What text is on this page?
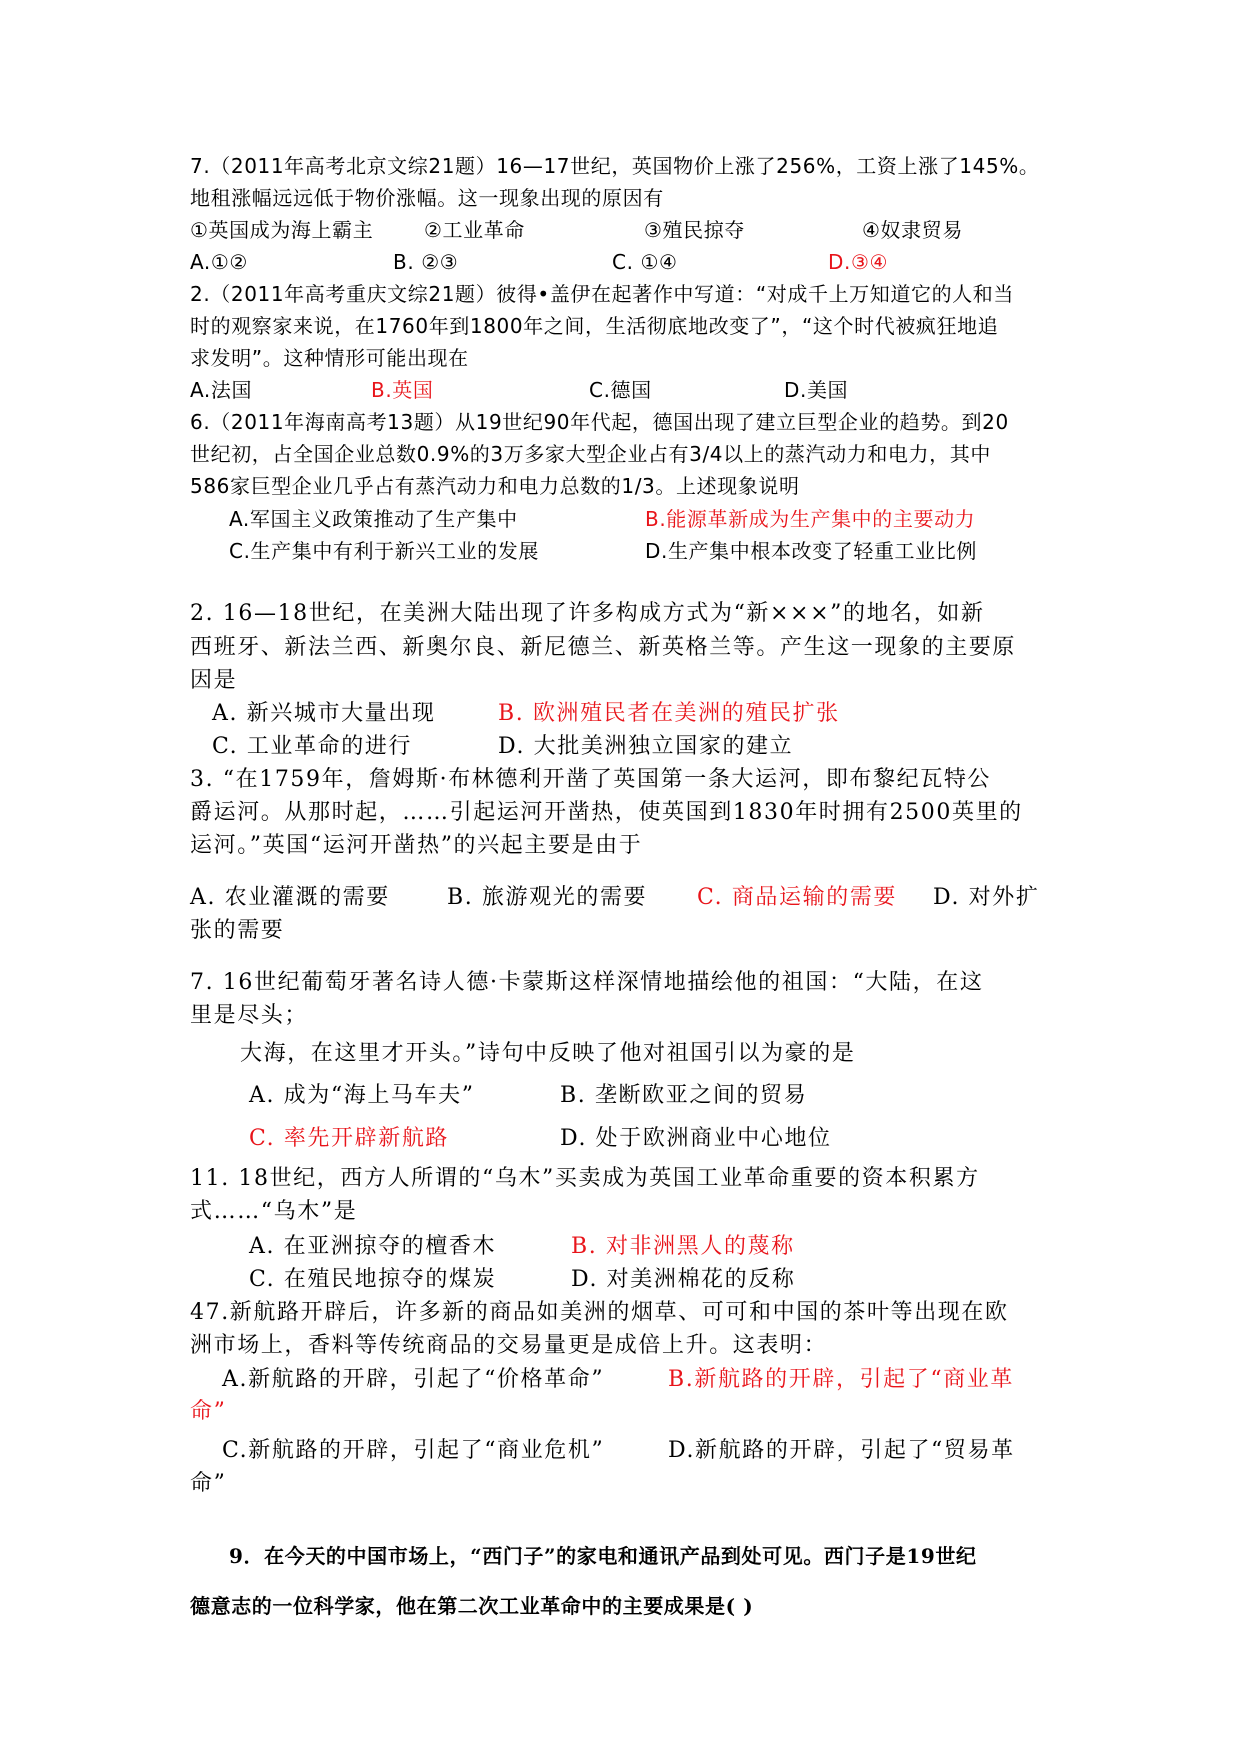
7.（2011年高考北京文综21题）16—17世纪，英国物价上涨了256%，工资上涨了145%。
地租涨幅远远低于物价涨幅。这一现象出现的原因有
①英国成为海上霸主	②工业革命	③殖民掠夺	④奴隶贸易
A.①②	B. ②③	C. ①④	D.③④
2.（2011年高考重庆文综21题）彼得•盖伊在起著作中写道：“对成千上万知道它的人和当
时的观察家来说，在1760年到1800年之间，生活彻底地改变了”，“这个时代被疯狂地追
求发明”。这种情形可能出现在
A.法国	B.英国	C.德国	D.美国
6.（2011年海南高考13题）从19世纪90年代起，德国出现了建立巨型企业的趋势。到20
世纪初，占全国企业总数0.9%的3万多家大型企业占有3/4以上的蒸汽动力和电力，其中
586家巨型企业几乎占有蒸汽动力和电力总数的1/3。上述现象说明
A.军国主义政策推动了生产集中	B.能源革新成为生产集中的主要动力
C.生产集中有利于新兴工业的发展	D.生产集中根本改变了轻重工业比例
2. 16—18世纪，在美洲大陆出现了许多构成方式为“新×××”的地名，如新
西班牙、新法兰西、新奥尔良、新尼德兰、新英格兰等。产生这一现象的主要原
因是
A. 新兴城市大量出现	B. 欧洲殖民者在美洲的殖民扩张
C. 工业革命的进行	D. 大批美洲独立国家的建立
3. “在1759年，詹姆斯·布林德利开凿了英国第一条大运河，即布黎纪瓦特公
爵运河。从那时起，……引起运河开凿热，使英国到1830年时拥有2500英里的
运河。”英国“运河开凿热”的兴起主要是由于
A. 农业灌溉的需要	B. 旅游观光的需要 C. 商品运输的需要 D. 对外扩
张的需要
7. 16世纪葡萄牙著名诗人德·卡蒙斯这样深情地描绘他的祖国：“大陆，在这
里是尽头；
大海，在这里才开头。”诗句中反映了他对祖国引以为豪的是
A. 成为“海上马车夫”	B. 垄断欧亚之间的贸易
C. 率先开辟新航路	D. 处于欧洲商业中心地位
11. 18世纪，西方人所谓的“乌木”买卖成为英国工业革命重要的资本积累方
式……“乌木”是
A. 在亚洲掠夺的檀香木	B. 对非洲黑人的蔑称
C. 在殖民地掠夺的煤炭	D. 对美洲棉花的反称
47.新航路开辟后，许多新的商品如美洲的烟草、可可和中国的茶叶等出现在欧
洲市场上，香料等传统商品的交易量更是成倍上升。这表明：
A.新航路的开辟，引起了“价格革命”	B.新航路的开辟，引起了“商业革
命”
C.新航路的开辟，引起了“商业危机”	D.新航路的开辟，引起了“贸易革
命”
9．在今天的中国市场上，“西门子”的家电和通讯产品到处可见。西门子是19世纪
德意志的一位科学家，他在第二次工业革命中的主要成果是( )
